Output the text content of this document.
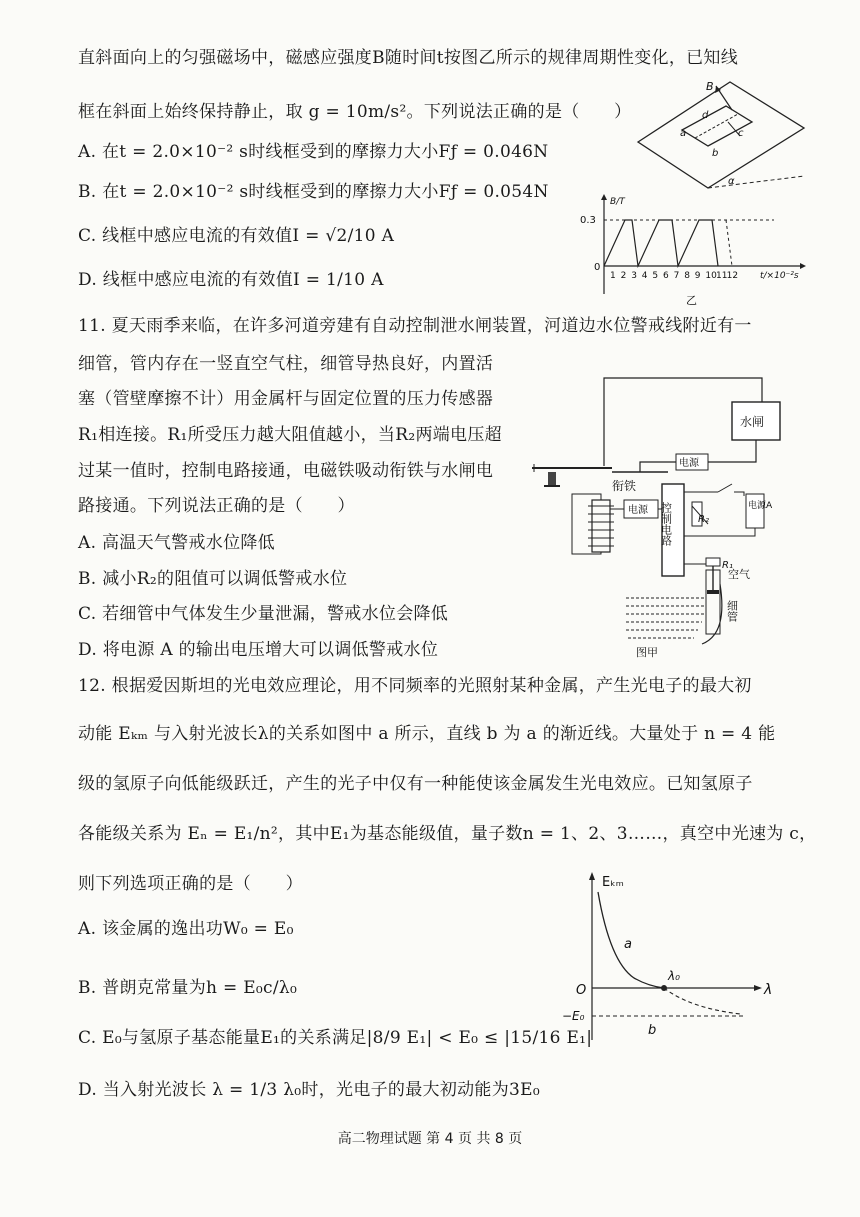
直斜面向上的匀强磁场中，磁感应强度B随时间t按图乙所示的规律周期性变化，已知线
框在斜面上始终保持静止，取 g = 10m/s²。下列说法正确的是（　　）
A. 在t = 2.0×10⁻² s时线框受到的摩擦力大小Fƒ = 0.046N
B. 在t = 2.0×10⁻² s时线框受到的摩擦力大小Fƒ = 0.054N
C. 线框中感应电流的有效值I = √2/10 A
D. 线框中感应电流的有效值I = 1/10 A
B
d
a	c
b
α
B/T
0.3
0
1 2 3 4 5 6 7 8 9 10 11 12 t/×10⁻²s
乙
11. 夏天雨季来临，在许多河道旁建有自动控制泄水闸装置，河道边水位警戒线附近有一
细管，管内存在一竖直空气柱，细管导热良好，内置活
塞（管壁摩擦不计）用金属杆与固定位置的压力传感器
R₁相连接。R₁所受压力越大阻值越小，当R₂两端电压超
过某一值时，控制电路接通，电磁铁吸动衔铁与水闸电
路接通。下列说法正确的是（　　）
A. 高温天气警戒水位降低
B. 减小R₂的阻值可以调低警戒水位
C. 若细管中气体发生少量泄漏，警戒水位会降低
D. 将电源 A 的输出电压增大可以调低警戒水位
水闸
电源
衔铁
电源 控制电路	电源A
R₂
R₁
空气
细管
图甲
12. 根据爱因斯坦的光电效应理论，用不同频率的光照射某种金属，产生光电子的最大初
动能 Eₖₘ 与入射光波长λ的关系如图中 a 所示，直线 b 为 a 的渐近线。大量处于 n = 4 能
级的氢原子向低能级跃迁，产生的光子中仅有一种能使该金属发生光电效应。已知氢原子
各能级关系为 Eₙ = E₁/n²，其中E₁为基态能级值，量子数n = 1、2、3……，真空中光速为 c，
则下列选项正确的是（　　）
A. 该金属的逸出功W₀ = E₀
B. 普朗克常量为h = E₀c/λ₀
C. E₀与氢原子基态能量E₁的关系满足|8/9 E₁| < E₀ ≤ |15/16 E₁|
D. 当入射光波长 λ = 1/3 λ₀时，光电子的最大初动能为3E₀
Eₖₘ
a
O
λ₀
λ
−E₀
b
高二物理试题 第 4 页 共 8 页
